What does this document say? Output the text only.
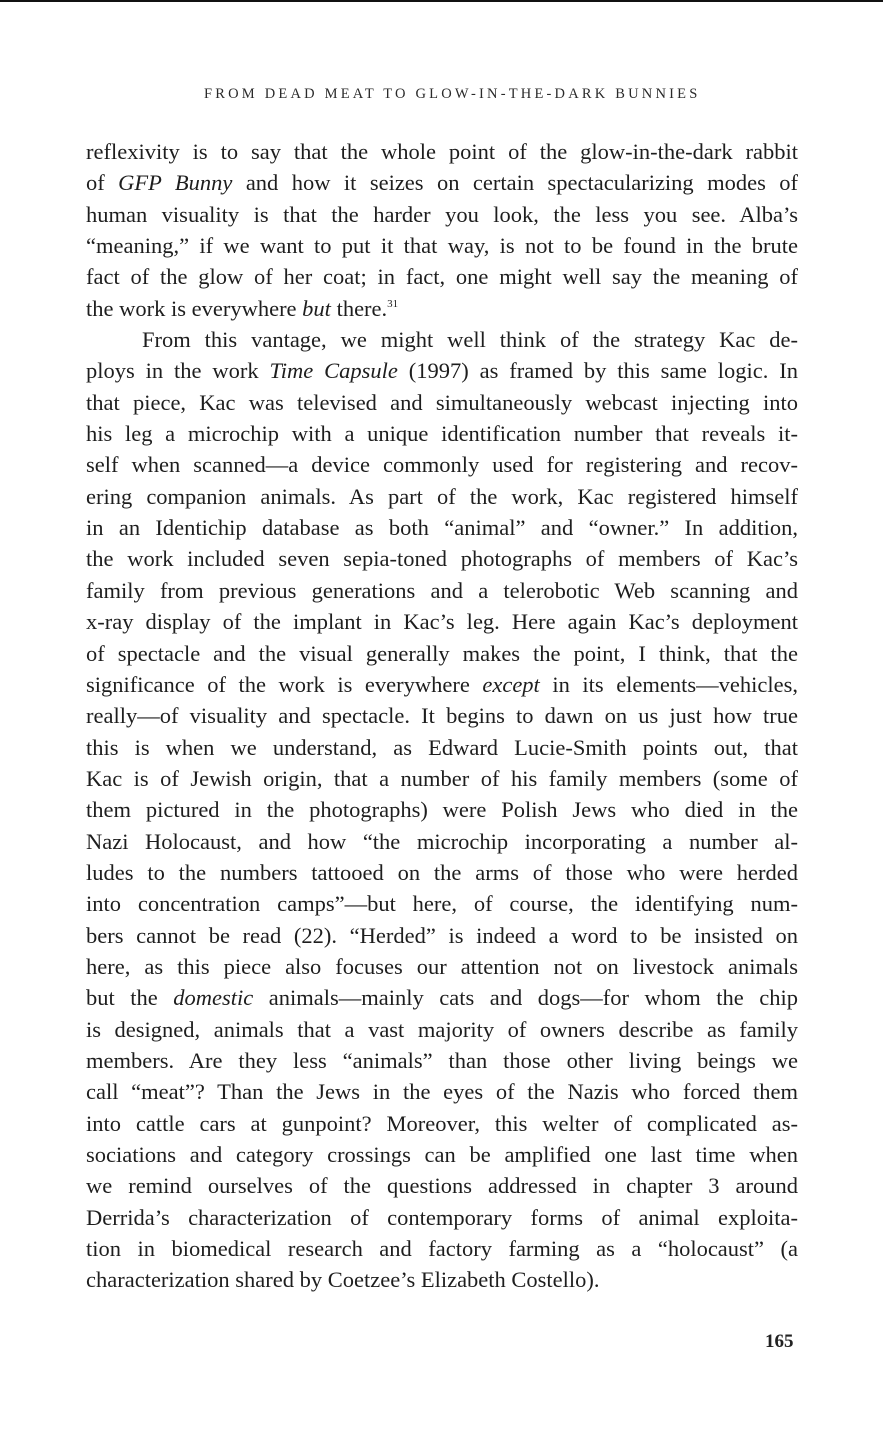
FROM DEAD MEAT TO GLOW-IN-THE-DARK BUNNIES
reflexivity is to say that the whole point of the glow-in-the-dark rabbit
of GFP Bunny and how it seizes on certain spectacularizing modes of
human visuality is that the harder you look, the less you see. Alba’s
“meaning,” if we want to put it that way, is not to be found in the brute
fact of the glow of her coat; in fact, one might well say the meaning of
the work is everywhere but there.$^{31}$
From this vantage, we might well think of the strategy Kac de-
ploys in the work Time Capsule (1997) as framed by this same logic. In
that piece, Kac was televised and simultaneously webcast injecting into
his leg a microchip with a unique identification number that reveals it-
self when scanned—a device commonly used for registering and recov-
ering companion animals. As part of the work, Kac registered himself
in an Identichip database as both “animal” and “owner.” In addition,
the work included seven sepia-toned photographs of members of Kac’s
family from previous generations and a telerobotic Web scanning and
x-ray display of the implant in Kac’s leg. Here again Kac’s deployment
of spectacle and the visual generally makes the point, I think, that the
significance of the work is everywhere except in its elements—vehicles,
really—of visuality and spectacle. It begins to dawn on us just how true
this is when we understand, as Edward Lucie-Smith points out, that
Kac is of Jewish origin, that a number of his family members (some of
them pictured in the photographs) were Polish Jews who died in the
Nazi Holocaust, and how “the microchip incorporating a number al-
ludes to the numbers tattooed on the arms of those who were herded
into concentration camps”—but here, of course, the identifying num-
bers cannot be read (22). “Herded” is indeed a word to be insisted on
here, as this piece also focuses our attention not on livestock animals
but the domestic animals—mainly cats and dogs—for whom the chip
is designed, animals that a vast majority of owners describe as family
members. Are they less “animals” than those other living beings we
call “meat”? Than the Jews in the eyes of the Nazis who forced them
into cattle cars at gunpoint? Moreover, this welter of complicated as-
sociations and category crossings can be amplified one last time when
we remind ourselves of the questions addressed in chapter 3 around
Derrida’s characterization of contemporary forms of animal exploita-
tion in biomedical research and factory farming as a “holocaust” (a
characterization shared by Coetzee’s Elizabeth Costello).
165
